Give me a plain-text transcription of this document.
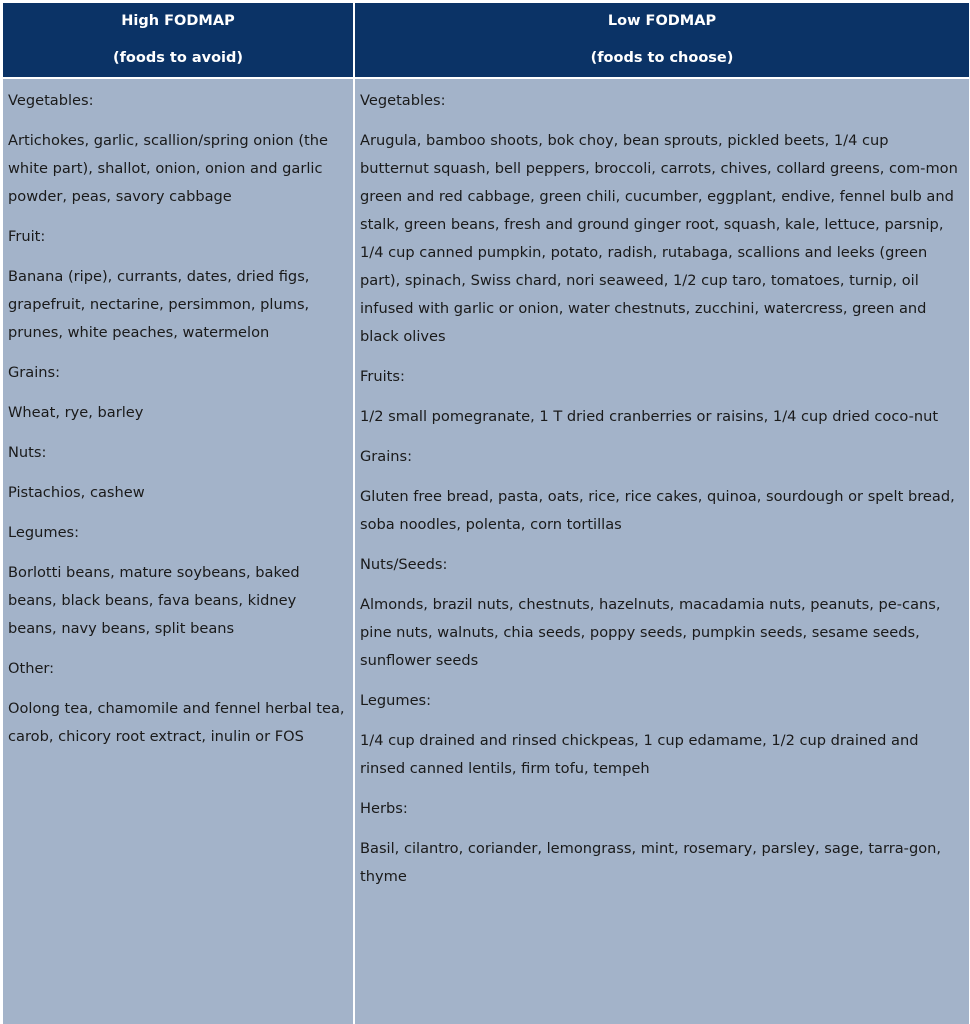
High FODMAP
(foods to avoid)
Low FODMAP
(foods to choose)
Vegetables:
Artichokes, garlic, scallion/spring onion (the white part), shallot, onion, onion and garlic powder, peas, savory cabbage
Fruit:
Banana (ripe), currants, dates, dried figs, grapefruit, nectarine, persimmon, plums, prunes, white peaches, watermelon
Grains:
Wheat, rye, barley
Nuts:
Pistachios, cashew
Legumes:
Borlotti beans, mature soybeans, baked beans, black beans, fava beans, kidney beans, navy beans, split beans
Other:
Oolong tea, chamomile and fennel herbal tea, carob, chicory root extract, inulin or FOS
Vegetables:
Arugula, bamboo shoots, bok choy, bean sprouts, pickled beets, 1/4 cup butternut squash, bell peppers, broccoli, carrots, chives, collard greens, com-mon green and red cabbage, green chili, cucumber, eggplant, endive, fennel bulb and stalk, green beans, fresh and ground ginger root, squash, kale, lettuce, parsnip, 1/4 cup canned pumpkin, potato, radish, rutabaga, scallions and leeks (green part), spinach, Swiss chard, nori seaweed, 1/2 cup taro, tomatoes, turnip, oil infused with garlic or onion, water chestnuts, zucchini, watercress, green and black olives
Fruits:
1/2 small pomegranate, 1 T dried cranberries or raisins, 1/4 cup dried coco-nut
Grains:
Gluten free bread, pasta, oats, rice, rice cakes, quinoa, sourdough or spelt bread, soba noodles, polenta, corn tortillas
Nuts/Seeds:
Almonds, brazil nuts, chestnuts, hazelnuts, macadamia nuts, peanuts, pe-cans, pine nuts, walnuts, chia seeds, poppy seeds, pumpkin seeds, sesame seeds, sunflower seeds
Legumes:
1/4 cup drained and rinsed chickpeas, 1 cup edamame, 1/2 cup drained and rinsed canned lentils, firm tofu, tempeh
Herbs:
Basil, cilantro, coriander, lemongrass, mint, rosemary, parsley, sage, tarra-gon, thyme
